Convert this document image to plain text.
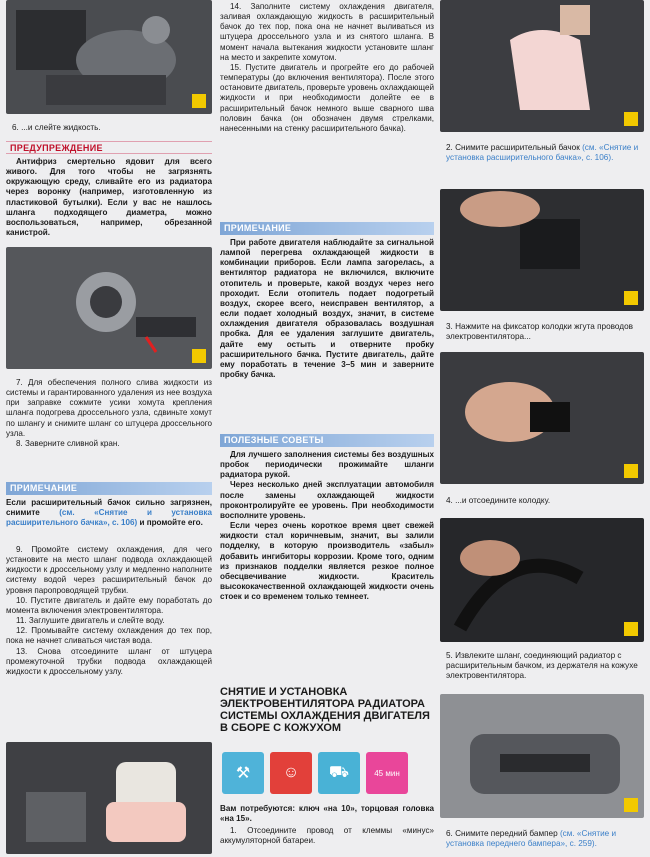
6. ...и слейте жидкость.
ПРЕДУПРЕЖДЕНИЕ

Антифриз смертельно ядовит для всего живого. Для того чтобы не загрязнять окружающую среду, сливайте его из радиатора через воронку (например, изготовленную из пластиковой бутылки). Если у вас не нашлось шланга подходящего диаметра, можно воспользоваться, например, обрезанной канистрой.

7. Для обеспечения полного слива жидкости из системы и гарантированного удаления из нее воздуха при заправке сожмите усики хомута крепления шланга подогрева дроссельного узла, сдвиньте хомут по шлангу и снимите шланг со штуцера дроссельного узла.

8. Заверните сливной кран.

ПРИМЕЧАНИЕ

Если расширительный бачок сильно загрязнен, снимите (см. «Снятие и установка расширительного бачка», с. 106) и промойте его.

9. Промойте систему охлаждения, для чего установите на место шланг подвода охлаждающей жидкости к дроссельному узлу и медленно наполните систему водой через расширительный бачок до уровня паропроводящей трубки.

10. Пустите двигатель и дайте ему поработать до момента включения электровентилятора.

11. Заглушите двигатель и слейте воду.

12. Промывайте систему охлаждения до тех пор, пока не начнет сливаться чистая вода.

13. Снова отсоедините шланг от штуцера промежуточной трубки подвода охлаждающей жидкости к дроссельному узлу.

14. Заполните систему охлаждения двигателя, заливая охлаждающую жидкость в расширительный бачок до тех пор, пока она не начнет выливаться из штуцера дроссельного узла и из снятого шланга. В момент начала вытекания жидкости установите шланг на место и закрепите хомутом.

15. Пустите двигатель и прогрейте его до рабочей температуры (до включения вентилятора). После этого остановите двигатель, проверьте уровень охлаждающей жидкости и при необходимости долейте ее в расширительный бачок немного выше сварного шва половин бачка (он обозначен двумя стрелками, нанесенными на стенку расширительного бачка).

ПРИМЕЧАНИЕ

При работе двигателя наблюдайте за сигнальной лампой перегрева охлаждающей жидкости в комбинации приборов. Если лампа загорелась, а вентилятор радиатора не включился, включите отопитель и проверьте, какой воздух через него проходит. Если отопитель подает подогретый воздух, скорее всего, неисправен вентилятор, а если подает холодный воздух, значит, в системе охлаждения двигателя образовалась воздушная пробка. Для ее удаления заглушите двигатель, дайте ему остыть и отверните пробку расширительного бачка. Пустите двигатель, дайте ему поработать в течение 3–5 мин и заверните пробку бачка.

ПОЛЕЗНЫЕ СОВЕТЫ

Для лучшего заполнения системы без воздушных пробок периодически прожимайте шланги радиатора рукой.

Через несколько дней эксплуатации автомобиля после замены охлаждающей жидкости проконтролируйте ее уровень. При необходимости восполните уровень.

Если через очень короткое время цвет свежей жидкости стал коричневым, значит, вы залили подделку, в которую производитель «забыл» добавить ингибиторы коррозии. Кроме того, одним из признаков подделки является резкое полное обесцвечивание жидкости. Краситель высококачественной охлаждающей жидкости очень стоек и со временем только темнеет.

СНЯТИЕ И УСТАНОВКА ЭЛЕКТРОВЕНТИЛЯТОРА РАДИАТОРА СИСТЕМЫ ОХЛАЖДЕНИЯ ДВИГАТЕЛЯ В СБОРЕ С КОЖУХОМ
⚒	☺	⛟	45 мин

Вам потребуются: ключ «на 10», торцовая головка «на 15».

1. Отсоедините провод от клеммы «минус» аккумуляторной батареи.

2. Снимите расширительный бачок (см. «Снятие и установка расширительного бачка», с. 106).
3. Нажмите на фиксатор колодки жгута проводов электровентилятора...
4. ...и отсоедините колодку.
5. Извлеките шланг, соединяющий радиатор с расширительным бачком, из держателя на кожухе электровентилятора.
6. Снимите передний бампер (см. «Снятие и установка переднего бампера», с. 259).
